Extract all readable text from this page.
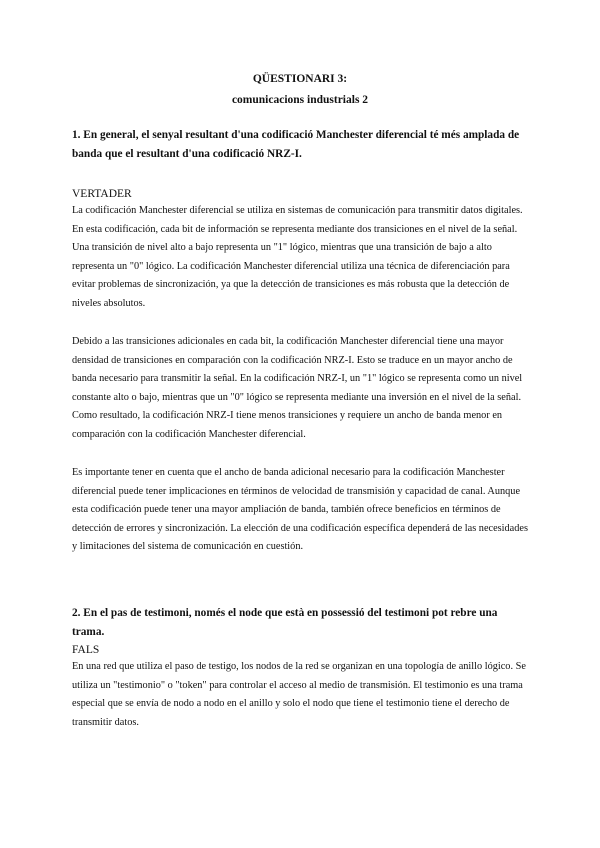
QÜESTIONARI 3:
comunicacions industrials 2
1. En general, el senyal resultant d'una codificació Manchester diferencial té més amplada de banda que el resultant d'una codificació NRZ-I.
VERTADER
La codificación Manchester diferencial se utiliza en sistemas de comunicación para transmitir datos digitales. En esta codificación, cada bit de información se representa mediante dos transiciones en el nivel de la señal. Una transición de nivel alto a bajo representa un "1" lógico, mientras que una transición de bajo a alto representa un "0" lógico. La codificación Manchester diferencial utiliza una técnica de diferenciación para evitar problemas de sincronización, ya que la detección de transiciones es más robusta que la detección de niveles absolutos.
Debido a las transiciones adicionales en cada bit, la codificación Manchester diferencial tiene una mayor densidad de transiciones en comparación con la codificación NRZ-I. Esto se traduce en un mayor ancho de banda necesario para transmitir la señal. En la codificación NRZ-I, un "1" lógico se representa como un nivel constante alto o bajo, mientras que un "0" lógico se representa mediante una inversión en el nivel de la señal. Como resultado, la codificación NRZ-I tiene menos transiciones y requiere un ancho de banda menor en comparación con la codificación Manchester diferencial.
Es importante tener en cuenta que el ancho de banda adicional necesario para la codificación Manchester diferencial puede tener implicaciones en términos de velocidad de transmisión y capacidad de canal. Aunque esta codificación puede tener una mayor ampliación de banda, también ofrece beneficios en términos de detección de errores y sincronización. La elección de una codificación específica dependerá de las necesidades y limitaciones del sistema de comunicación en cuestión.
2. En el pas de testimoni, només el node que està en possessió del testimoni pot rebre una trama.
FALS
En una red que utiliza el paso de testigo, los nodos de la red se organizan en una topología de anillo lógico. Se utiliza un "testimonio" o "token" para controlar el acceso al medio de transmisión. El testimonio es una trama especial que se envía de nodo a nodo en el anillo y solo el nodo que tiene el testimonio tiene el derecho de transmitir datos.
